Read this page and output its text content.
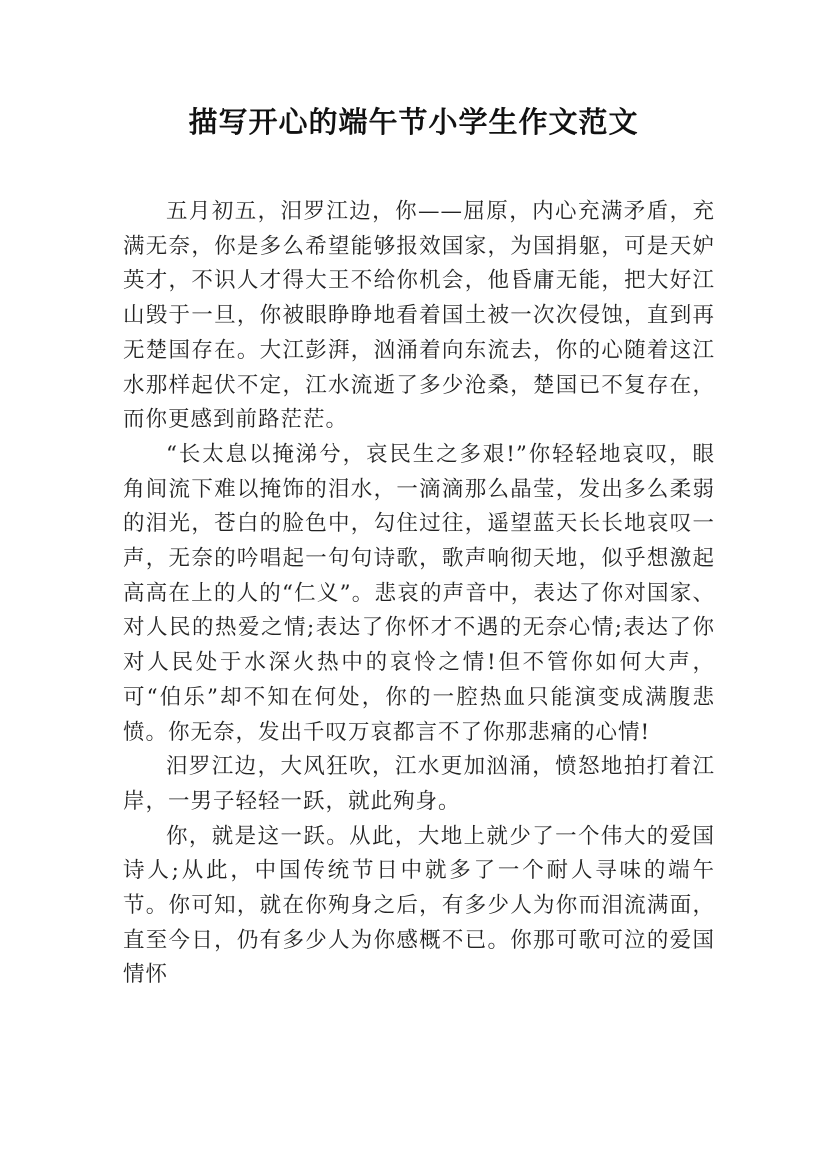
描写开心的端午节小学生作文范文

五月初五，汨罗江边，你——屈原，内心充满矛盾，充满无奈，你是多么希望能够报效国家，为国捐躯，可是天妒英才，不识人才得大王不给你机会，他昏庸无能，把大好江山毁于一旦，你被眼睁睁地看着国土被一次次侵蚀，直到再无楚国存在。大江彭湃，汹涌着向东流去，你的心随着这江水那样起伏不定，江水流逝了多少沧桑，楚国已不复存在，而你更感到前路茫茫。

“长太息以掩涕兮，哀民生之多艰!”你轻轻地哀叹，眼角间流下难以掩饰的泪水，一滴滴那么晶莹，发出多么柔弱的泪光，苍白的脸色中，勾住过往，遥望蓝天长长地哀叹一声，无奈的吟唱起一句句诗歌，歌声响彻天地，似乎想激起高高在上的人的“仁义”。悲哀的声音中，表达了你对国家、对人民的热爱之情;表达了你怀才不遇的无奈心情;表达了你对人民处于水深火热中的哀怜之情!但不管你如何大声，可“伯乐”却不知在何处，你的一腔热血只能演变成满腹悲愤。你无奈，发出千叹万哀都言不了你那悲痛的心情!

汨罗江边，大风狂吹，江水更加汹涌，愤怒地拍打着江岸，一男子轻轻一跃，就此殉身。

你，就是这一跃。从此，大地上就少了一个伟大的爱国诗人;从此，中国传统节日中就多了一个耐人寻味的端午节。你可知，就在你殉身之后，有多少人为你而泪流满面，直至今日，仍有多少人为你感概不已。你那可歌可泣的爱国情怀
